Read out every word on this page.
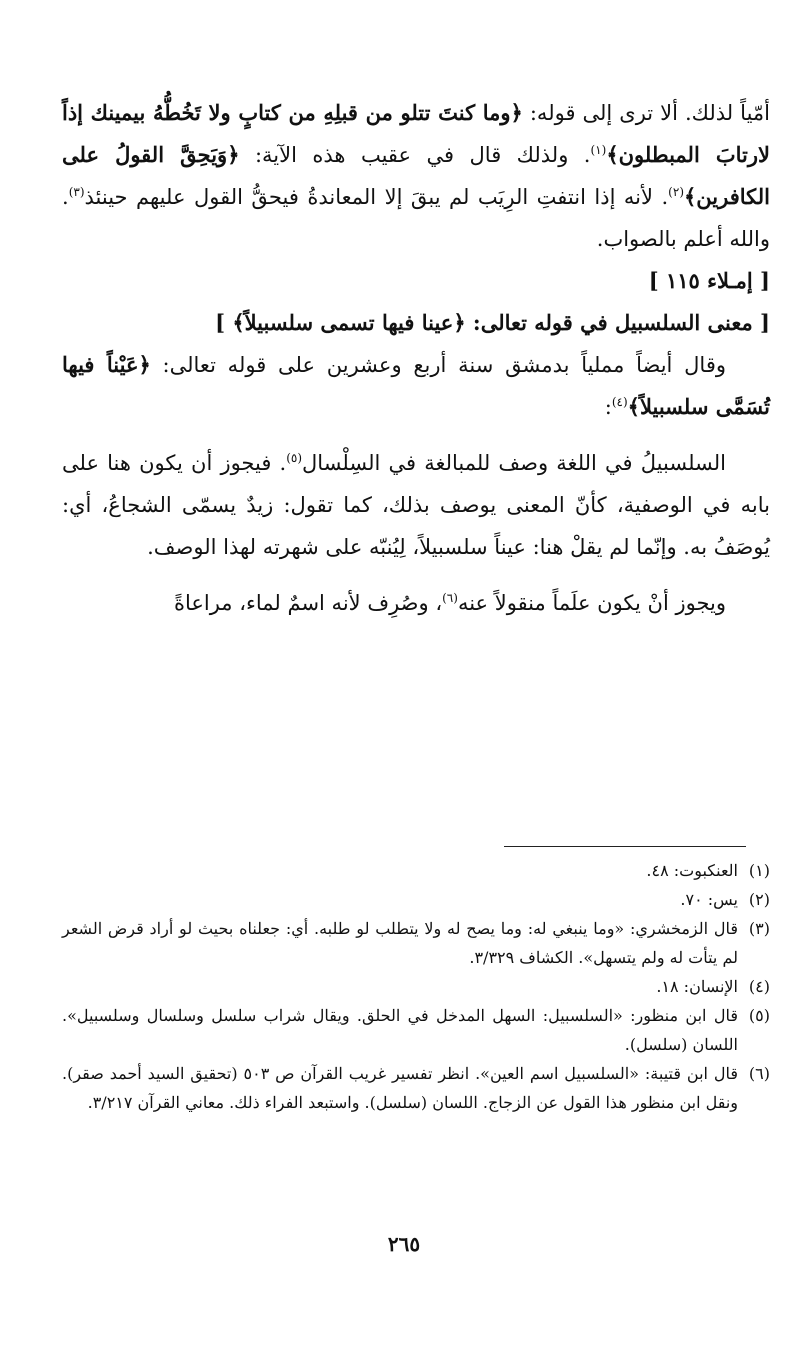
أمّياً لذلك. ألا ترى إلى قوله: ﴿وما كنتَ تتلو من قبلِهِ من كتابٍ ولا تَخُطُّهُ بيمينك إذاً لارتابَ المبطلون﴾$^{(١)}$. ولذلك قال في عقيب هذه الآية: ﴿وَيَحِقَّ القولُ على الكافرين﴾$^{(٢)}$. لأنه إذا انتفتِ الرِيَب لم يبقَ إلا المعاندةُ فيحقُّ القول عليهم حينئذ$^{(٣)}$. والله أعلم بالصواب.

[ إمـلاء ١١٥ ]

[ معنى السلسبيل في قوله تعالى: ﴿عينا فيها تسمى سلسبيلاً﴾ ]

وقال أيضاً مملياً بدمشق سنة أربع وعشرين على قوله تعالى: ﴿عَيْناً فيها تُسَمَّى سلسبيلاً﴾$^{(٤)}$:

السلسبيلُ في اللغة وصف للمبالغة في السِلْسال$^{(٥)}$. فيجوز أن يكون هنا على بابه في الوصفية، كأنّ المعنى يوصف بذلك، كما تقول: زيدٌ يسمّى الشجاعُ، أي: يُوصَفُ به. وإنّما لم يقلْ هنا: عيناً سلسبيلاً، لِيُنبّه على شهرته لهذا الوصف.

ويجوز أنْ يكون علَماً منقولاً عنه$^{(٦)}$، وصُرِف لأنه اسمٌ لماء، مراعاةً

(١)
العنكبوت: ٤٨.

(٢)
يس: ٧٠.

(٣)
قال الزمخشري: «وما ينبغي له: وما يصح له ولا يتطلب لو طلبه. أي: جعلناه بحيث لو أراد قرض الشعر لم يتأت له ولم يتسهل». الكشاف ٣/٣٢٩.

(٤)
الإنسان: ١٨.

(٥)
قال ابن منظور: «السلسبيل: السهل المدخل في الحلق. ويقال شراب سلسل وسلسال وسلسبيل». اللسان (سلسل).

(٦)
قال ابن قتيبة: «السلسبيل اسم العين». انظر تفسير غريب القرآن ص ٥٠٣ (تحقيق السيد أحمد صقر). ونقل ابن منظور هذا القول عن الزجاج. اللسان (سلسل). واستبعد الفراء ذلك. معاني القرآن ٣/٢١٧.

٢٦٥
